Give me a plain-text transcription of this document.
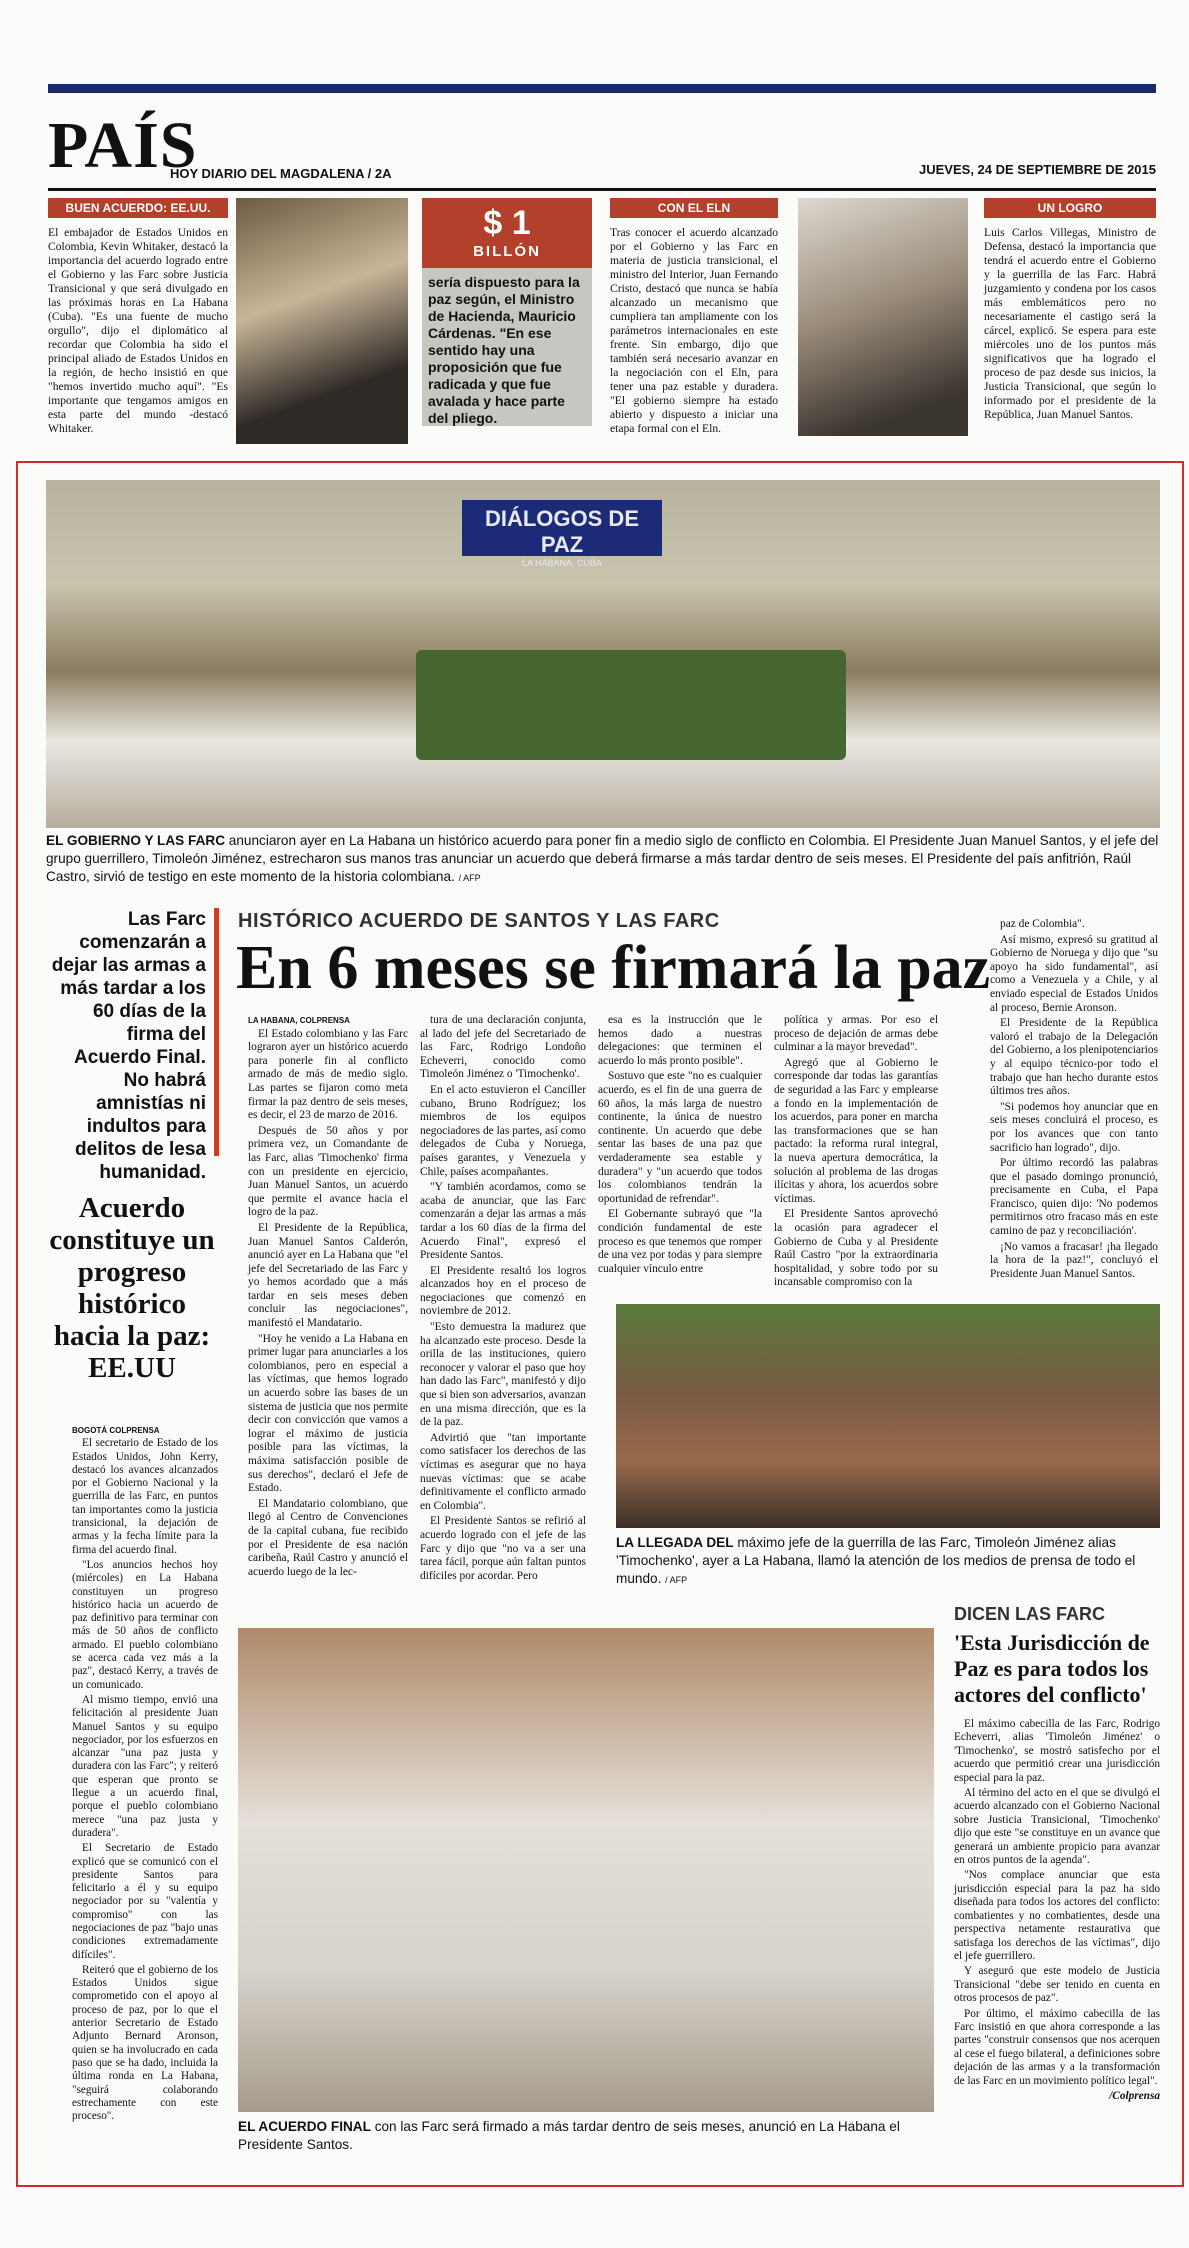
PAÍS
HOY DIARIO DEL MAGDALENA / 2A	JUEVES, 24 DE SEPTIEMBRE DE 2015
BUEN ACUERDO: EE.UU.
El embajador de Estados Unidos en Colombia, Kevin Whitaker, destacó la importancia del acuerdo logrado entre el Gobierno y las Farc sobre Justicia Transicional y que será divulgado en las próximas horas en La Habana (Cuba). "Es una fuente de mucho orgullo", dijo el diplomático al recordar que Colombia ha sido el principal aliado de Estados Unidos en la región, de hecho insistió en que "hemos invertido mucho aquí". "Es importante que tengamos amigos en esta parte del mundo -destacó Whitaker.
$ 1
BILLÓN
sería dispuesto para la paz según, el Ministro de Hacienda, Mauricio Cárdenas. "En ese sentido hay una proposición que fue radicada y que fue avalada y hace parte del pliego.
CON EL ELN
Tras conocer el acuerdo alcanzado por el Gobierno y las Farc en materia de justicia transicional, el ministro del Interior, Juan Fernando Cristo, destacó que nunca se había alcanzado un mecanismo que cumpliera tan ampliamente con los parámetros internacionales en este frente. Sin embargo, dijo que también será necesario avanzar en la negociación con el Eln, para tener una paz estable y duradera. "El gobierno siempre ha estado abierto y dispuesto a iniciar una etapa formal con el Eln.
UN LOGRO
Luis Carlos Villegas, Ministro de Defensa, destacó la importancia que tendrá el acuerdo entre el Gobierno y la guerrilla de las Farc. Habrá juzgamiento y condena por los casos más emblemáticos pero no necesariamente el castigo será la cárcel, explicó. Se espera para este miércoles uno de los puntos más significativos que ha logrado el proceso de paz desde sus inicios, la Justicia Transicional, que según lo informado por el presidente de la República, Juan Manuel Santos.
DIÁLOGOS DE PAZ
LA HABANA, CUBA
EL GOBIERNO Y LAS FARC anunciaron ayer en La Habana un histórico acuerdo para poner fin a medio siglo de conflicto en Colombia. El Presidente Juan Manuel Santos, y el jefe del grupo guerrillero, Timoleón Jiménez, estrecharon sus manos tras anunciar un acuerdo que deberá firmarse a más tardar dentro de seis meses. El Presidente del país anfitrión, Raúl Castro, sirvió de testigo en este momento de la historia colombiana. / AFP
Las Farc comenzarán a dejar las armas a más tardar a los 60 días de la firma del Acuerdo Final. No habrá amnistías ni indultos para delitos de lesa humanidad.
HISTÓRICO ACUERDO DE SANTOS Y LAS FARC
En 6 meses se firmará la paz
LA HABANA, COLPRENSA

El Estado colombiano y las Farc lograron ayer un histórico acuerdo para ponerle fin al conflicto armado de más de medio siglo. Las partes se fijaron como meta firmar la paz dentro de seis meses, es decir, el 23 de marzo de 2016.

Después de 50 años y por primera vez, un Comandante de las Farc, alias 'Timochenko' firma con un presidente en ejercicio, Juan Manuel Santos, un acuerdo que permite el avance hacia el logro de la paz.

El Presidente de la República, Juan Manuel Santos Calderón, anunció ayer en La Habana que "el jefe del Secretariado de las Farc y yo hemos acordado que a más tardar en seis meses deben concluir las negociaciones", manifestó el Mandatario.

"Hoy he venido a La Habana en primer lugar para anunciarles a los colombianos, pero en especial a las víctimas, que hemos logrado un acuerdo sobre las bases de un sistema de justicia que nos permite decir con convicción que vamos a lograr el máximo de justicia posible para las víctimas, la máxima satisfacción posible de sus derechos", declaró el Jefe de Estado.

El Mandatario colombiano, que llegó al Centro de Convenciones de la capital cubana, fue recibido por el Presidente de esa nación caribeña, Raúl Castro y anunció el acuerdo luego de la lec-

tura de una declaración conjunta, al lado del jefe del Secretariado de las Farc, Rodrigo Londoño Echeverri, conocido como Timoleón Jiménez o 'Timochenko'.

En el acto estuvieron el Canciller cubano, Bruno Rodríguez; los miembros de los equipos negociadores de las partes, así como delegados de Cuba y Noruega, países garantes, y Venezuela y Chile, países acompañantes.

"Y también acordamos, como se acaba de anunciar, que las Farc comenzarán a dejar las armas a más tardar a los 60 días de la firma del Acuerdo Final", expresó el Presidente Santos.

El Presidente resaltó los logros alcanzados hoy en el proceso de negociaciones que comenzó en noviembre de 2012.

"Esto demuestra la madurez que ha alcanzado este proceso. Desde la orilla de las instituciones, quiero reconocer y valorar el paso que hoy han dado las Farc", manifestó y dijo que si bien son adversarios, avanzan en una misma dirección, que es la de la paz.

Advirtió que "tan importante como satisfacer los derechos de las víctimas es asegurar que no haya nuevas víctimas: que se acabe definitivamente el conflicto armado en Colombia".

El Presidente Santos se refirió al acuerdo logrado con el jefe de las Farc y dijo que "no va a ser una tarea fácil, porque aún faltan puntos difíciles por acordar. Pero

esa es la instrucción que le hemos dado a nuestras delegaciones: que terminen el acuerdo lo más pronto posible".

Sostuvo que este "no es cualquier acuerdo, es el fin de una guerra de 60 años, la más larga de nuestro continente, la única de nuestro continente. Un acuerdo que debe sentar las bases de una paz que verdaderamente sea estable y duradera" y "un acuerdo que todos los colombianos tendrán la oportunidad de refrendar".

El Gobernante subrayó que "la condición fundamental de este proceso es que tenemos que romper de una vez por todas y para siempre cualquier vínculo entre

política y armas. Por eso el proceso de dejación de armas debe culminar a la mayor brevedad".

Agregó que al Gobierno le corresponde dar todas las garantías de seguridad a las Farc y emplearse a fondo en la implementación de los acuerdos, para poner en marcha las transformaciones que se han pactado: la reforma rural integral, la nueva apertura democrática, la solución al problema de las drogas ilícitas y ahora, los acuerdos sobre víctimas.

El Presidente Santos aprovechó la ocasión para agradecer el Gobierno de Cuba y al Presidente Raúl Castro "por la extraordinaria hospitalidad, y sobre todo por su incansable compromiso con la

paz de Colombia".

Así mismo, expresó su gratitud al Gobierno de Noruega y dijo que "su apoyo ha sido fundamental", así como a Venezuela y a Chile, y al enviado especial de Estados Unidos al proceso, Bernie Aronson.

El Presidente de la República valoró el trabajo de la Delegación del Gobierno, a los plenipotenciarios y al equipo técnico-por todo el trabajo que han hecho durante estos últimos tres años.

"Si podemos hoy anunciar que en seis meses concluirá el proceso, es por los avances que con tanto sacrificio han logrado", dijo.

Por último recordó las palabras que el pasado domingo pronunció, precisamente en Cuba, el Papa Francisco, quien dijo: 'No podemos permitirnos otro fracaso más en este camino de paz y reconciliación'.

¡No vamos a fracasar! ¡ha llegado la hora de la paz!", concluyó el Presidente Juan Manuel Santos.

LA LLEGADA DEL máximo jefe de la guerrilla de las Farc, Timoleón Jiménez alias 'Timochenko', ayer a La Habana, llamó la atención de los medios de prensa de todo el mundo. / AFP
EL ACUERDO FINAL con las Farc será firmado a más tardar dentro de seis meses, anunció en La Habana el Presidente Santos.
Acuerdo constituye un progreso histórico hacia la paz: EE.UU
BOGOTÁ COLPRENSA

El secretario de Estado de los Estados Unidos, John Kerry, destacó los avances alcanzados por el Gobierno Nacional y la guerrilla de las Farc, en puntos tan importantes como la justicia transicional, la dejación de armas y la fecha límite para la firma del acuerdo final.

"Los anuncios hechos hoy (miércoles) en La Habana constituyen un progreso histórico hacia un acuerdo de paz definitivo para terminar con más de 50 años de conflicto armado. El pueblo colombiano se acerca cada vez más a la paz", destacó Kerry, a través de un comunicado.

Al mismo tiempo, envió una felicitación al presidente Juan Manuel Santos y su equipo negociador, por los esfuerzos en alcanzar "una paz justa y duradera con las Farc"; y reiteró que esperan que pronto se llegue a un acuerdo final, porque el pueblo colombiano merece "una paz justa y duradera".

El Secretario de Estado explicó que se comunicó con el presidente Santos para felicitarlo a él y su equipo negociador por su "valentía y compromiso" con las negociaciones de paz "bajo unas condiciones extremadamente difíciles".

Reiteró que el gobierno de los Estados Unidos sigue comprometido con el apoyo al proceso de paz, por lo que el anterior Secretario de Estado Adjunto Bernard Aronson, quien se ha involucrado en cada paso que se ha dado, incluida la última ronda en La Habana, "seguirá colaborando estrechamente con este proceso".

DICEN LAS FARC
'Esta Jurisdicción de Paz es para todos los actores del conflicto'

El máximo cabecilla de las Farc, Rodrigo Echeverri, alias 'Timoleón Jiménez' o 'Timochenko', se mostró satisfecho por el acuerdo que permitió crear una jurisdicción especial para la paz.

Al término del acto en el que se divulgó el acuerdo alcanzado con el Gobierno Nacional sobre Justicia Transicional, 'Timochenko' dijo que este "se constituye en un avance que generará un ambiente propicio para avanzar en otros puntos de la agenda".

"Nos complace anunciar que esta jurisdicción especial para la paz ha sido diseñada para todos los actores del conflicto: combatientes y no combatientes, desde una perspectiva netamente restaurativa que satisfaga los derechos de las víctimas", dijo el jefe guerrillero.

Y aseguró que este modelo de Justicia Transicional "debe ser tenido en cuenta en otros procesos de paz".

Por último, el máximo cabecilla de las Farc insistió en que ahora corresponde a las partes "construir consensos que nos acerquen al cese el fuego bilateral, a definiciones sobre dejación de las armas y a la transformación de las Farc en un movimiento político legal".

/Colprensa
